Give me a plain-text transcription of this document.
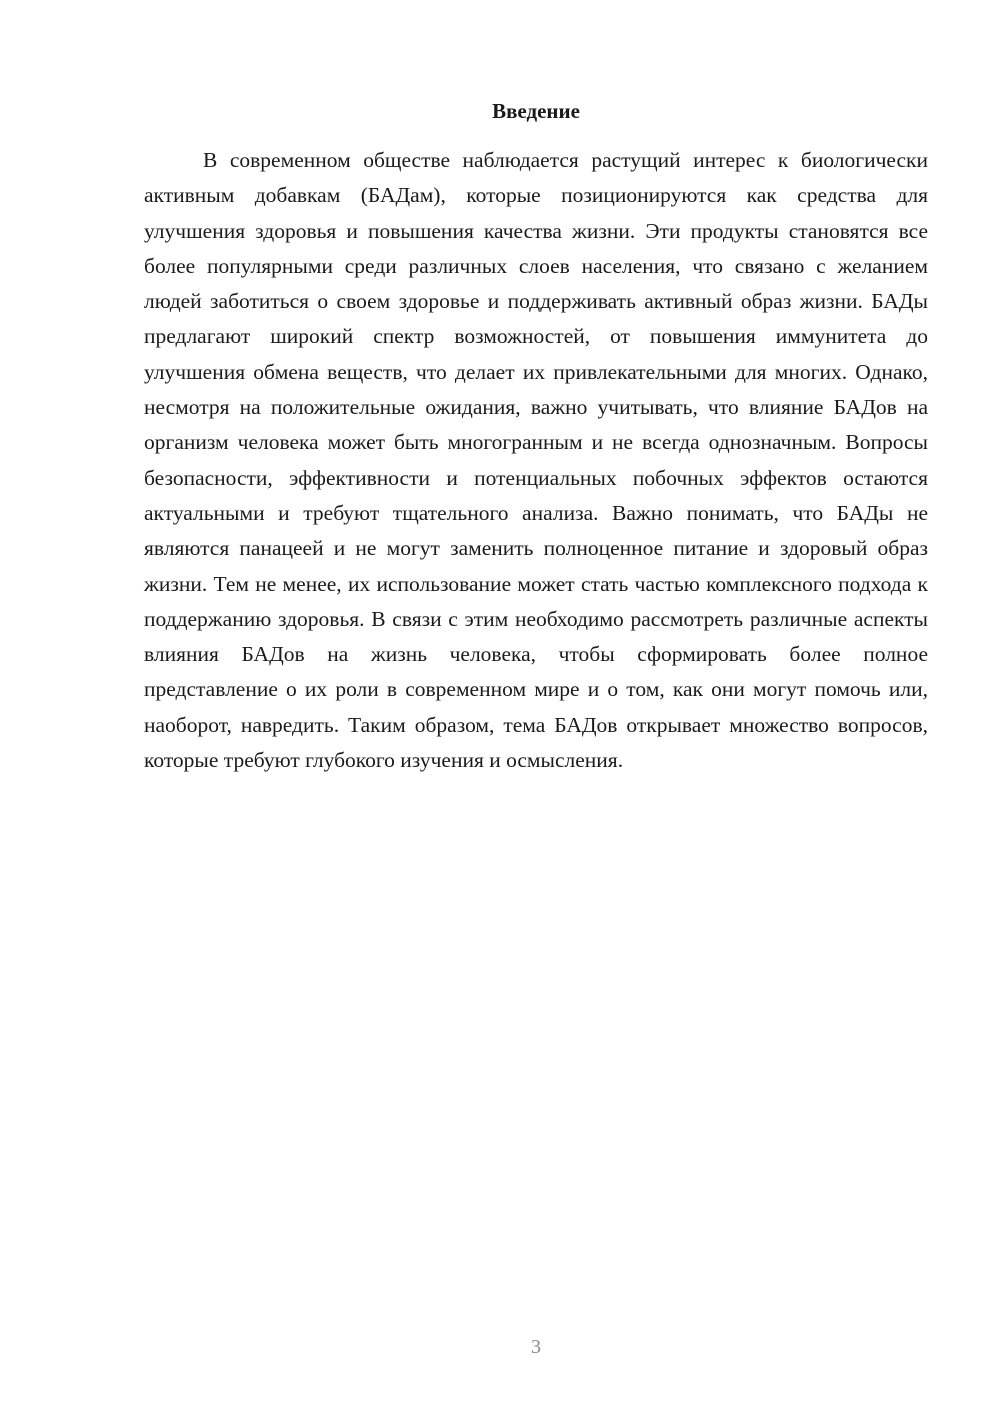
Введение

В современном обществе наблюдается растущий интерес к биологически активным добавкам (БАДам), которые позиционируются как средства для улучшения здоровья и повышения качества жизни. Эти продукты становятся все более популярными среди различных слоев населения, что связано с желанием людей заботиться о своем здоровье и поддерживать активный образ жизни. БАДы предлагают широкий спектр возможностей, от повышения иммунитета до улучшения обмена веществ, что делает их привлекательными для многих. Однако, несмотря на положительные ожидания, важно учитывать, что влияние БАДов на организм человека может быть многогранным и не всегда однозначным. Вопросы безопасности, эффективности и потенциальных побочных эффектов остаются актуальными и требуют тщательного анализа. Важно понимать, что БАДы не являются панацеей и не могут заменить полноценное питание и здоровый образ жизни. Тем не менее, их использование может стать частью комплексного подхода к поддержанию здоровья. В связи с этим необходимо рассмотреть различные аспекты влияния БАДов на жизнь человека, чтобы сформировать более полное представление о их роли в современном мире и о том, как они могут помочь или, наоборот, навредить. Таким образом, тема БАДов открывает множество вопросов, которые требуют глубокого изучения и осмысления.

3
